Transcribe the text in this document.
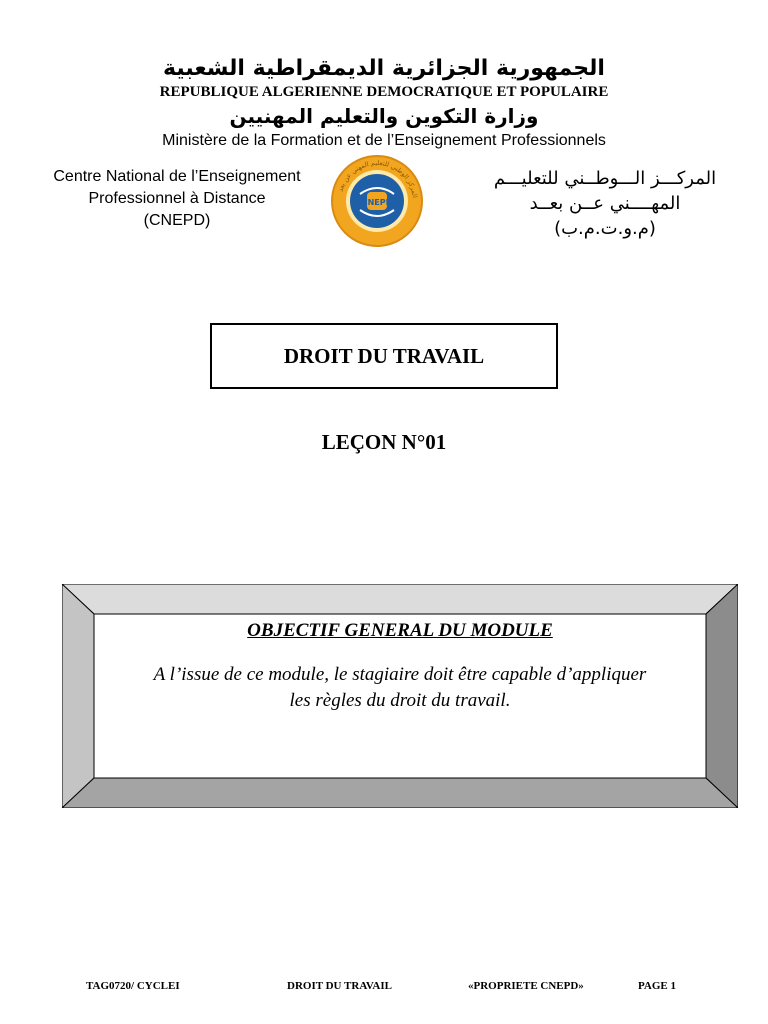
الجمهورية الجزائرية الديمقراطية الشعبية
REPUBLIQUE ALGERIENNE DEMOCRATIQUE ET POPULAIRE
وزارة التكوين والتعليم المهنيين
Ministère de la Formation et de l’Enseignement Professionnels
Centre National de l’Enseignement
Professionnel à Distance
(CNEPD)
المركز الوطني للتعليم المهني عن بعد
CNEPD
المركـــز الـــوطــني للتعليـــم
المهــــني عــن بعــد
(م.و.ت.م.ب)
DROIT DU TRAVAIL
LEÇON N°01
OBJECTIF GENERAL DU MODULE
A l’issue de ce module, le stagiaire doit être capable d’appliquer
les règles du droit du travail.
TAG0720/ CYCLEI	DROIT DU TRAVAIL	«PROPRIETE CNEPD»	PAGE 1
